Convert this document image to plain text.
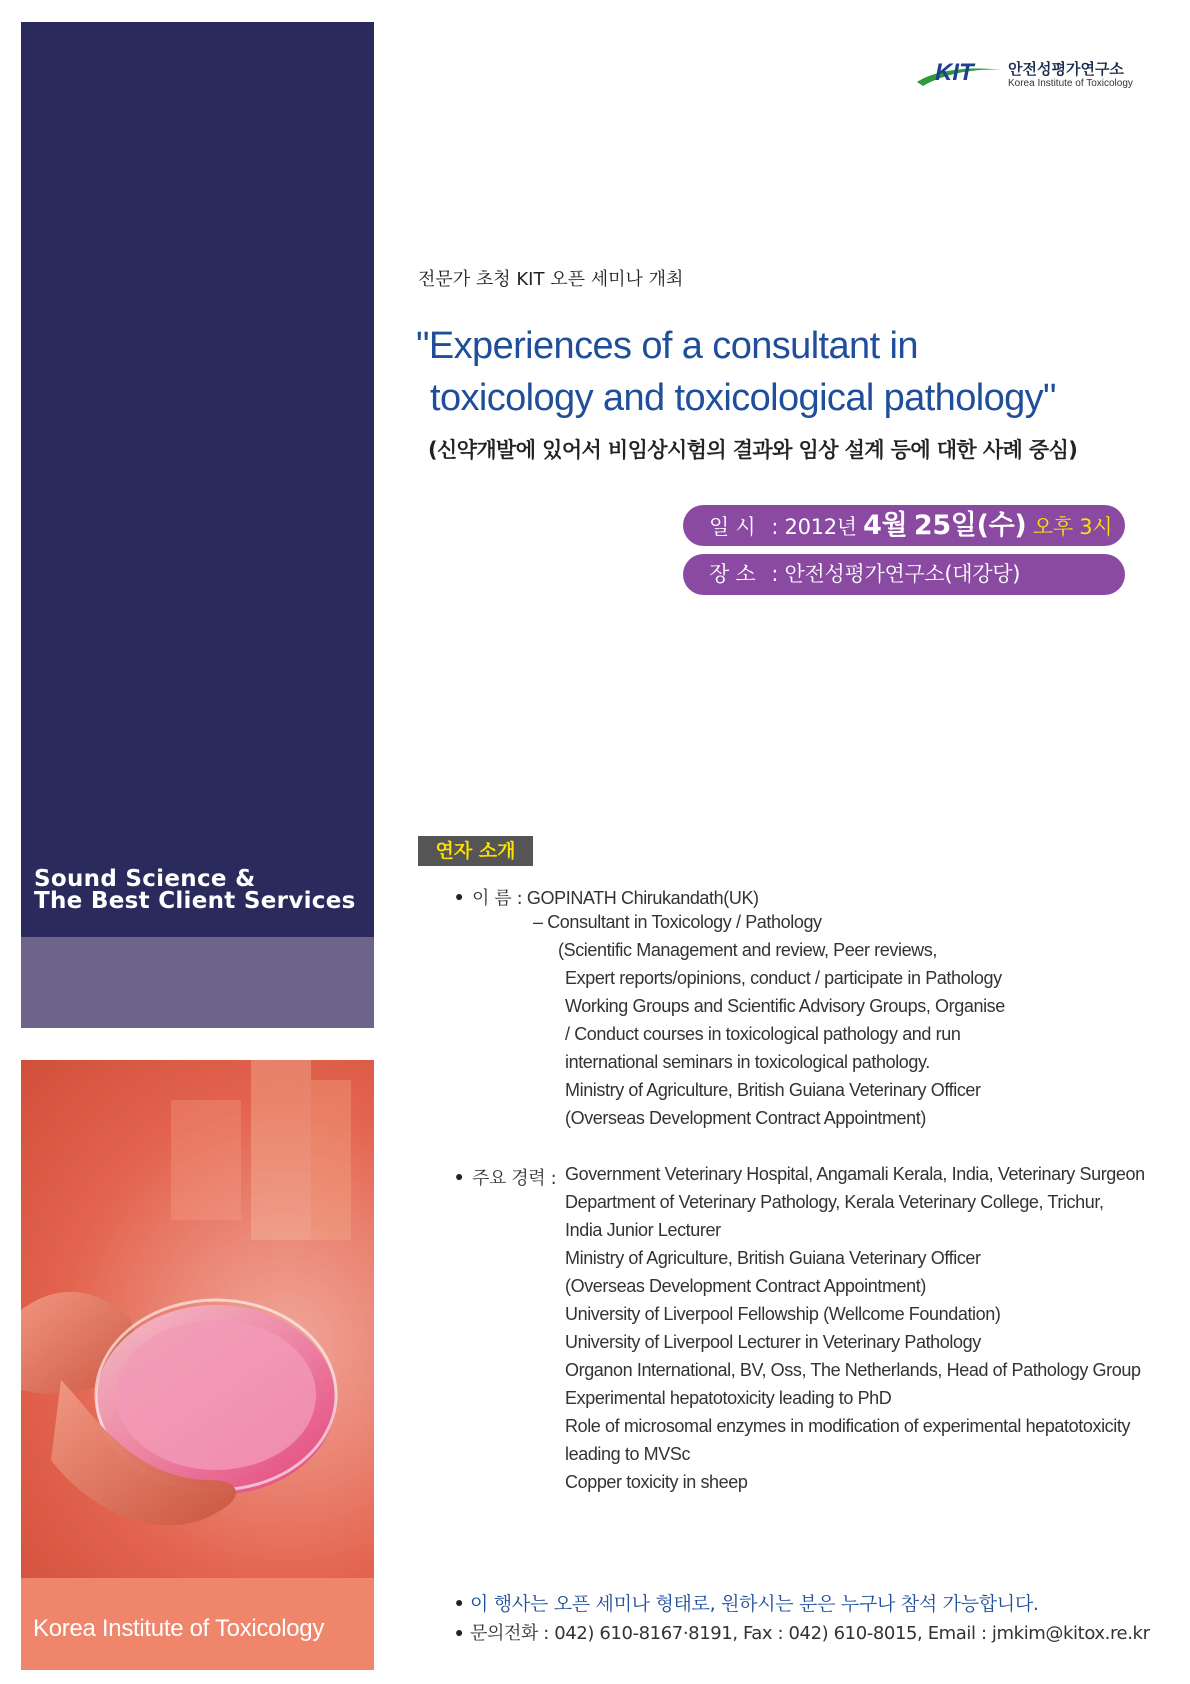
Sound Science &
The Best Client Services
Korea Institute of Toxicology
KIT 안전성평가연구소
Korea Institute of Toxicology
전문가 초청 KIT 오픈 세미나 개최
"Experiences of a consultant in
toxicology and toxicological pathology"
(신약개발에 있어서 비임상시험의 결과와 임상 설계 등에 대한 사례 중심)
일 시 : 2012년 4월 25일(수) 오후 3시
장 소 : 안전성평가연구소(대강당)
연자 소개
● 이 름 : GOPINATH Chirukandath(UK)
– Consultant in Toxicology / Pathology
(Scientific Management and review, Peer reviews,
Expert reports/opinions, conduct / participate in Pathology
Working Groups and Scientific Advisory Groups, Organise
/ Conduct courses in toxicological pathology and run
international seminars in toxicological pathology.
Ministry of Agriculture, British Guiana Veterinary Officer
(Overseas Development Contract Appointment)
● 주요 경력 : Government Veterinary Hospital, Angamali Kerala, India, Veterinary Surgeon
Department of Veterinary Pathology, Kerala Veterinary College, Trichur,
India Junior Lecturer
Ministry of Agriculture, British Guiana Veterinary Officer
(Overseas Development Contract Appointment)
University of Liverpool Fellowship (Wellcome Foundation)
University of Liverpool Lecturer in Veterinary Pathology
Organon International, BV, Oss, The Netherlands, Head of Pathology Group
Experimental hepatotoxicity leading to PhD
Role of microsomal enzymes in modification of experimental hepatotoxicity
leading to MVSc
Copper toxicity in sheep
● 이 행사는 오픈 세미나 형태로, 원하시는 분은 누구나 참석 가능합니다.
● 문의전화 : 042) 610-8167·8191, Fax : 042) 610-8015, Email : jmkim@kitox.re.kr
